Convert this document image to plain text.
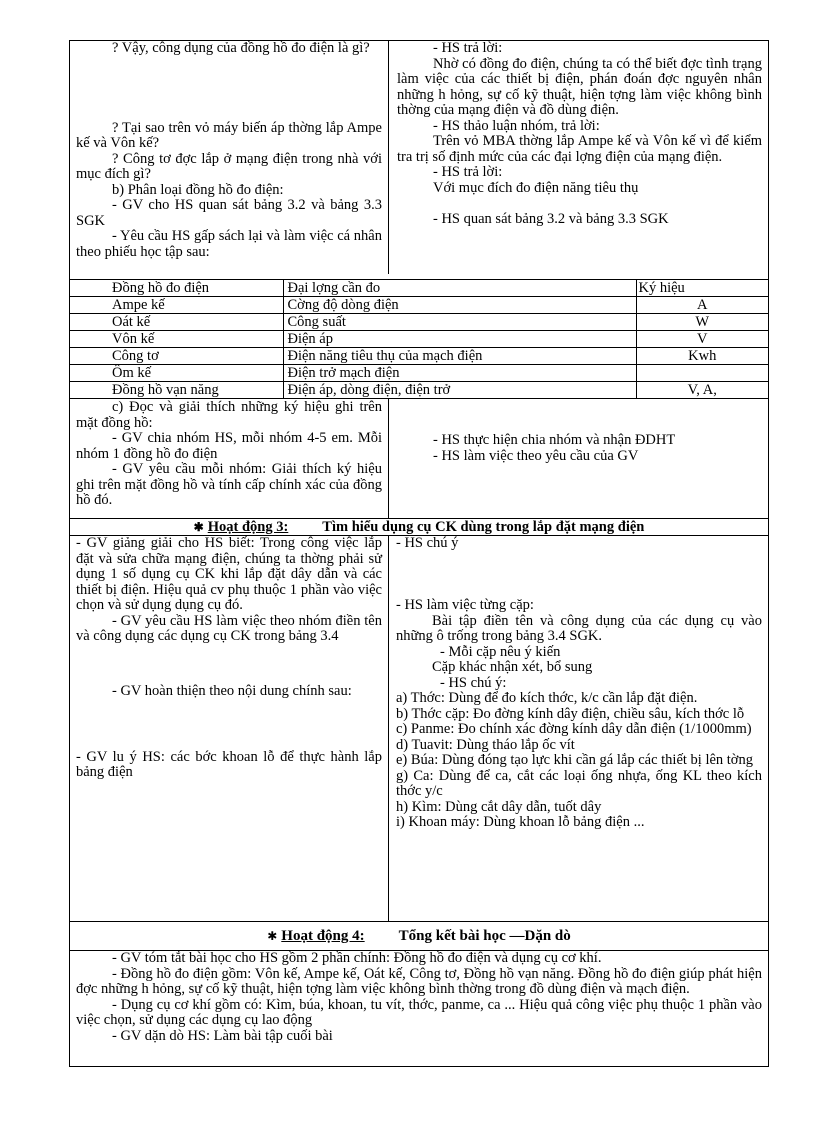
? Vậy, công dụng của đồng hồ đo điện là gì?

? Tại sao trên vỏ máy biến áp thờng lắp Ampe kế và Vôn kế?

? Công tơ đợc lắp ở mạng điện trong nhà với mục đích gì?

b) Phân loại đồng hồ đo điện:

- GV cho HS quan sát bảng 3.2 và bảng 3.3 SGK

- Yêu cầu HS gấp sách lại và làm việc cá nhân theo phiếu học tập sau:

- HS trả lời:

Nhờ có đồng đo điện, chúng ta có thể biết đợc tình trạng làm việc của các thiết bị điện, phán đoán đợc nguyên nhân những h hỏng, sự cố kỹ thuật, hiện tợng làm việc không bình thờng của mạng điện và đồ dùng điện.

- HS thảo luận nhóm, trả lời:

Trên vỏ MBA thờng lắp Ampe kế và Vôn kế vì để kiểm tra trị số định mức của các đại lợng điện của mạng điện.

- HS trả lời:

Với mục đích đo điện năng tiêu thụ

- HS quan sát bảng 3.2 và bảng 3.3 SGK

Đồng hồ đo điện	Đại lợng cần đo	Ký hiệu
Ampe kế	Cờng độ dòng điện	A
Oát kế	Công suất	W
Vôn kế	Điện áp	V
Công tơ	Điện năng tiêu thụ của mạch điện	Kwh
Ôm kế	Điện trở mạch điện	
Đồng hồ vạn năng	Điện áp, dòng điện, điện trở	V, A,

c) Đọc và giải thích những ký hiệu ghi trên mặt đồng hồ:

- GV chia nhóm HS, mỗi nhóm 4-5 em. Mỗi nhóm 1 đồng hồ đo điện

- GV yêu cầu mỗi nhóm: Giải thích ký hiệu ghi trên mặt đồng hồ và tính cấp chính xác của đồng hồ đó.

- HS thực hiện chia nhóm và nhận ĐDHT

- HS làm việc theo yêu cầu của GV

✱ Hoạt động 3: Tìm hiểu dụng cụ CK dùng trong lắp đặt mạng điện

- GV giảng giải cho HS biết: Trong công việc lắp đặt và sửa chữa mạng điện, chúng ta thờng phải sử dụng 1 số dụng cụ CK khi lắp đặt dây dẫn và các thiết bị điện. Hiệu quả cv phụ thuộc 1 phần vào việc chọn và sử dụng dụng cụ đó.

- GV yêu cầu HS làm việc theo nhóm điền tên và công dụng các dụng cụ CK trong bảng 3.4

- GV hoàn thiện theo nội dung chính sau:

- GV lu ý HS: các bớc khoan lỗ để thực hành lắp bảng điện

- HS chú ý

- HS làm việc từng cặp:

Bài tập điền tên và công dụng của các dụng cụ vào những ô trống trong bảng 3.4 SGK.

- Mỗi cặp nêu ý kiến

Cặp khác nhận xét, bổ sung

- HS chú ý:

a) Thớc: Dùng để đo kích thớc, k/c cần lắp đặt điện.

b) Thớc cặp: Đo đờng kính dây điện, chiều sâu, kích thớc lỗ

c) Panme: Đo chính xác đờng kính dây dẫn điện (1/1000mm)

d) Tuavit: Dùng tháo lắp ốc vít

e) Búa: Dùng đóng tạo lực khi cần gá lắp các thiết bị lên tờng

g) Ca: Dùng để ca, cắt các loại ống nhựa, ống KL theo kích thớc y/c

h) Kìm: Dùng cắt dây dẫn, tuốt dây

i) Khoan máy: Dùng khoan lỗ bảng điện ...

✱ Hoạt động 4: Tổng kết bài học —Dặn dò

- GV tóm tắt bài học cho HS gồm 2 phần chính: Đồng hồ đo điện và dụng cụ cơ khí.

- Đồng hồ đo điện gồm: Vôn kế, Ampe kế, Oát kế, Công tơ, Đồng hồ vạn năng. Đồng hồ đo điện giúp phát hiện đợc những h hỏng, sự cố kỹ thuật, hiện tợng làm việc không bình thờng trong đồ dùng điện và mạch điện.

- Dụng cụ cơ khí gồm có: Kìm, búa, khoan, tu vít, thớc, panme, ca ... Hiệu quả công việc phụ thuộc 1 phần vào việc chọn, sử dụng các dụng cụ lao động

- GV dặn dò HS: Làm bài tập cuối bài
